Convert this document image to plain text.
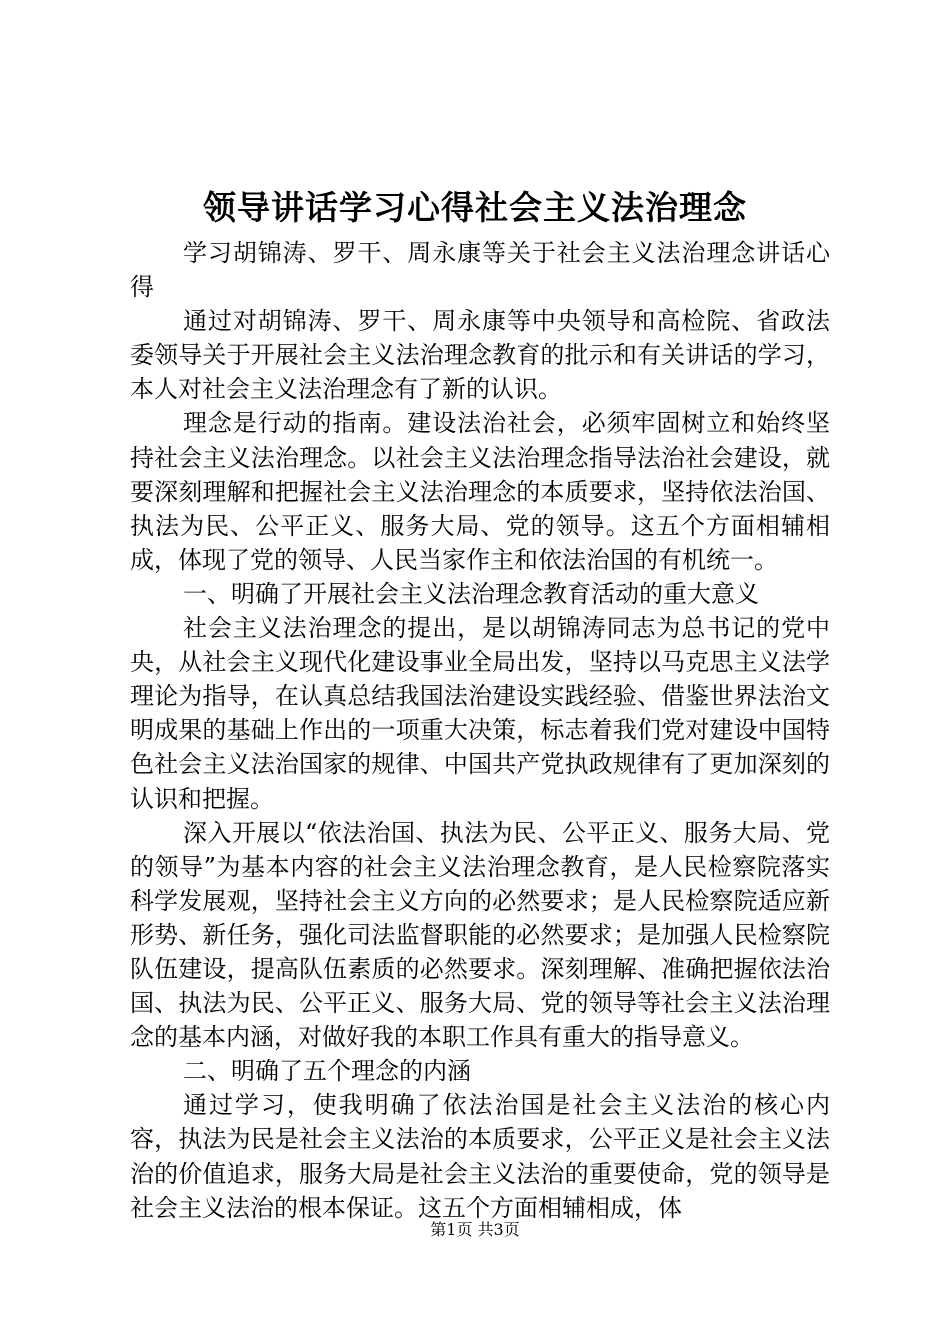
领导讲话学习心得社会主义法治理念

学习胡锦涛、罗干、周永康等关于社会主义法治理念讲话心得

通过对胡锦涛、罗干、周永康等中央领导和高检院、省政法委领导关于开展社会主义法治理念教育的批示和有关讲话的学习，本人对社会主义法治理念有了新的认识。

理念是行动的指南。建设法治社会，必须牢固树立和始终坚持社会主义法治理念。以社会主义法治理念指导法治社会建设，就要深刻理解和把握社会主义法治理念的本质要求，坚持依法治国、执法为民、公平正义、服务大局、党的领导。这五个方面相辅相成，体现了党的领导、人民当家作主和依法治国的有机统一。

一、明确了开展社会主义法治理念教育活动的重大意义

社会主义法治理念的提出，是以胡锦涛同志为总书记的党中央，从社会主义现代化建设事业全局出发，坚持以马克思主义法学理论为指导，在认真总结我国法治建设实践经验、借鉴世界法治文明成果的基础上作出的一项重大决策，标志着我们党对建设中国特色社会主义法治国家的规律、中国共产党执政规律有了更加深刻的认识和把握。

深入开展以“依法治国、执法为民、公平正义、服务大局、党的领导”为基本内容的社会主义法治理念教育，是人民检察院落实科学发展观，坚持社会主义方向的必然要求；是人民检察院适应新形势、新任务，强化司法监督职能的必然要求；是加强人民检察院队伍建设，提高队伍素质的必然要求。深刻理解、准确把握依法治国、执法为民、公平正义、服务大局、党的领导等社会主义法治理念的基本内涵，对做好我的本职工作具有重大的指导意义。

二、明确了五个理念的内涵

通过学习，使我明确了依法治国是社会主义法治的核心内容，执法为民是社会主义法治的本质要求，公平正义是社会主义法治的价值追求，服务大局是社会主义法治的重要使命，党的领导是社会主义法治的根本保证。这五个方面相辅相成，体

第1页 共3页
